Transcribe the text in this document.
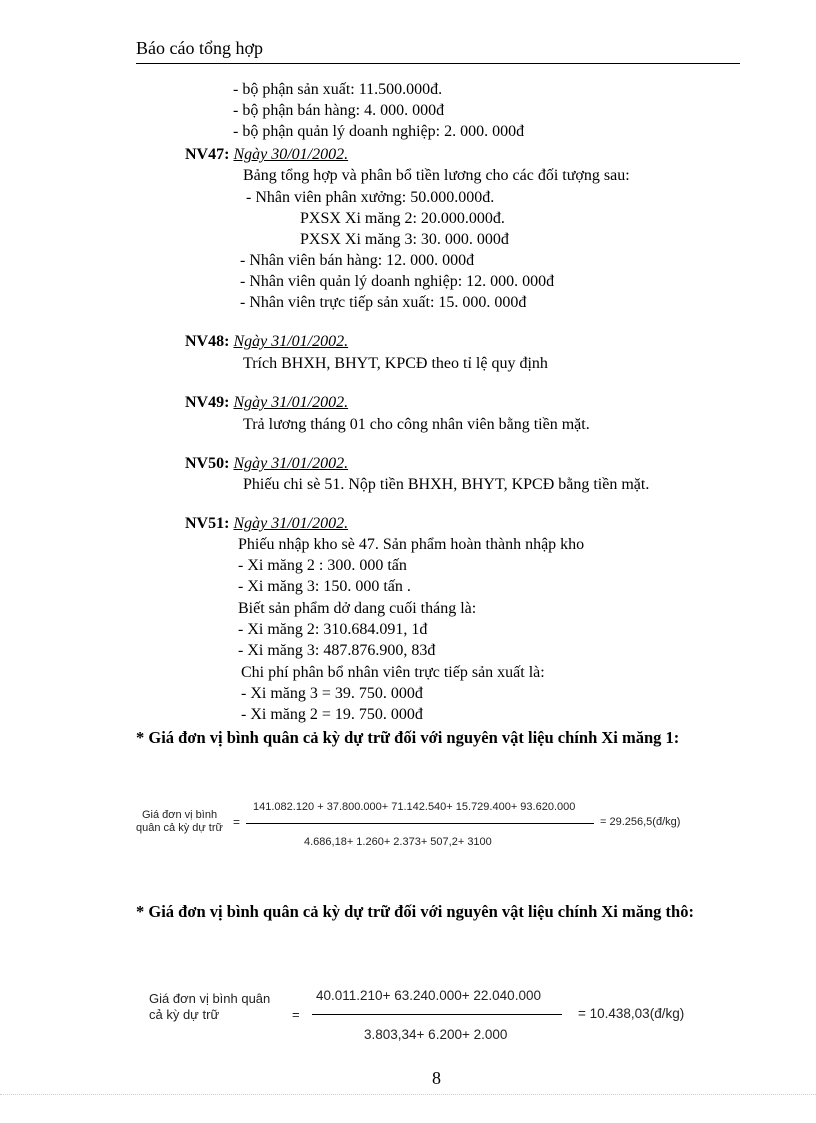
Báo cáo tổng hợp
- bộ phận sản xuất: 11.500.000đ.
- bộ phận bán hàng: 4. 000. 000đ
- bộ phận quản lý doanh nghiệp: 2. 000. 000đ
NV47: Ngày 30/01/2002.
Bảng tổng hợp và phân bổ tiền lương cho các đối tượng sau:
- Nhân viên phân xưởng: 50.000.000đ.
PXSX Xi măng 2: 20.000.000đ.
PXSX Xi măng 3: 30. 000. 000đ
- Nhân viên bán hàng: 12. 000. 000đ
- Nhân viên quản lý doanh nghiệp: 12. 000. 000đ
- Nhân viên trực tiếp sản xuất: 15. 000. 000đ
NV48: Ngày 31/01/2002.
Trích BHXH, BHYT, KPCĐ theo tỉ lệ quy định
NV49: Ngày 31/01/2002.
Trả lương tháng 01 cho công nhân viên bằng tiền mặt.
NV50: Ngày 31/01/2002.
Phiếu chi sè 51. Nộp tiền BHXH, BHYT, KPCĐ bằng tiền mặt.
NV51: Ngày 31/01/2002.
Phiếu nhập kho sè 47. Sản phẩm hoàn thành nhập kho
- Xi măng 2 : 300. 000 tấn
- Xi măng 3: 150. 000 tấn .
Biết sản phẩm dở dang cuối tháng là:
- Xi măng 2: 310.684.091, 1đ
- Xi măng 3: 487.876.900, 83đ
Chi phí phân bổ nhân viên trực tiếp sản xuất là:
- Xi măng 3 = 39. 750. 000đ
- Xi măng 2 = 19. 750. 000đ
* Giá đơn vị bình quân cả kỳ dự trữ đối với nguyên vật liệu chính Xi măng 1:
Giá đơn vị bình
quân cả kỳ dự trữ =
141.082.120 + 37.800.000+ 71.142.540+ 15.729.400+ 93.620.000
4.686,18+ 1.260+ 2.373+ 507,2+ 3100
= 29.256,5(đ/kg)
* Giá đơn vị bình quân cả kỳ dự trữ đối với nguyên vật liệu chính Xi măng thô:
Giá đơn vị bình quân
cả kỳ dự trữ	=
40.011.210+ 63.240.000+ 22.040.000
3.803,34+ 6.200+ 2.000
= 10.438,03(đ/kg)
8
